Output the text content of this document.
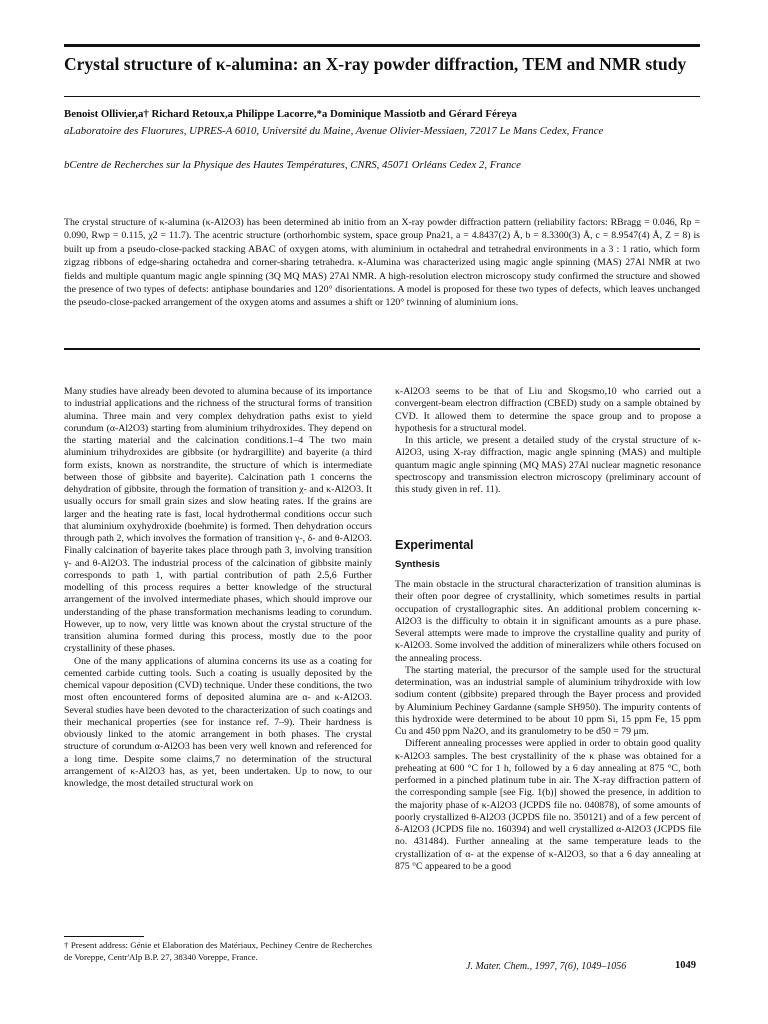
Crystal structure of κ-alumina: an X-ray powder diffraction, TEM and NMR study
Benoist Ollivier,a† Richard Retoux,a Philippe Lacorre,*a Dominique Massiotb and Gérard Féreya
aLaboratoire des Fluorures, UPRES-A 6010, Université du Maine, Avenue Olivier-Messiaen, 72017 Le Mans Cedex, France
bCentre de Recherches sur la Physique des Hautes Températures, CNRS, 45071 Orléans Cedex 2, France
The crystal structure of κ-alumina (κ-Al2O3) has been determined ab initio from an X-ray powder diffraction pattern (reliability factors: RBragg = 0.046, Rp = 0.090, Rwp = 0.115, χ2 = 11.7). The acentric structure (orthorhombic system, space group Pna21, a = 4.8437(2) Å, b = 8.3300(3) Å, c = 8.9547(4) Å, Z = 8) is built up from a pseudo-close-packed stacking ABAC of oxygen atoms, with aluminium in octahedral and tetrahedral environments in a 3 : 1 ratio, which form zigzag ribbons of edge-sharing octahedra and corner-sharing tetrahedra. κ-Alumina was characterized using magic angle spinning (MAS) 27Al NMR at two fields and multiple quantum magic angle spinning (3Q MQ MAS) 27Al NMR. A high-resolution electron microscopy study confirmed the structure and showed the presence of two types of defects: antiphase boundaries and 120° disorientations. A model is proposed for these two types of defects, which leaves unchanged the pseudo-close-packed arrangement of the oxygen atoms and assumes a shift or 120° twinning of aluminium ions.

Many studies have already been devoted to alumina because of its importance to industrial applications and the richness of the structural forms of transition alumina. Three main and very complex dehydration paths exist to yield corundum (α-Al2O3) starting from aluminium trihydroxides. They depend on the starting material and the calcination conditions.1–4 The two main aluminium trihydroxides are gibbsite (or hydrargillite) and bayerite (a third form exists, known as norstrandite, the structure of which is intermediate between those of gibbsite and bayerite). Calcination path 1 concerns the dehydration of gibbsite, through the formation of transition χ- and κ-Al2O3. It usually occurs for small grain sizes and slow heating rates. If the grains are larger and the heating rate is fast, local hydrothermal conditions occur such that aluminium oxyhydroxide (boehmite) is formed. Then dehydration occurs through path 2, which involves the formation of transition γ-, δ- and θ-Al2O3. Finally calcination of bayerite takes place through path 3, involving transition γ- and θ-Al2O3. The industrial process of the calcination of gibbsite mainly corresponds to path 1, with partial contribution of path 2.5,6 Further modelling of this process requires a better knowledge of the structural arrangement of the involved intermediate phases, which should improve our understanding of the phase transformation mechanisms leading to corundum. However, up to now, very little was known about the crystal structure of the transition alumina formed during this process, mostly due to the poor crystallinity of these phases.

One of the many applications of alumina concerns its use as a coating for cemented carbide cutting tools. Such a coating is usually deposited by the chemical vapour deposition (CVD) technique. Under these conditions, the two most often encountered forms of deposited alumina are α- and κ-Al2O3. Several studies have been devoted to the characterization of such coatings and their mechanical properties (see for instance ref. 7–9). Their hardness is obviously linked to the atomic arrangement in both phases. The crystal structure of corundum α-Al2O3 has been very well known and referenced for a long time. Despite some claims,7 no determination of the structural arrangement of κ-Al2O3 has, as yet, been undertaken. Up to now, to our knowledge, the most detailed structural work on

κ-Al2O3 seems to be that of Liu and Skogsmo,10 who carried out a convergent-beam electron diffraction (CBED) study on a sample obtained by CVD. It allowed them to determine the space group and to propose a hypothesis for a structural model.

In this article, we present a detailed study of the crystal structure of κ-Al2O3, using X-ray diffraction, magic angle spinning (MAS) and multiple quantum magic angle spinning (MQ MAS) 27Al nuclear magnetic resonance spectroscopy and transmission electron microscopy (preliminary account of this study given in ref. 11).

Experimental
Synthesis

The main obstacle in the structural characterization of transition aluminas is their often poor degree of crystallinity, which sometimes results in partial occupation of crystallographic sites. An additional problem concerning κ-Al2O3 is the difficulty to obtain it in significant amounts as a pure phase. Several attempts were made to improve the crystalline quality and purity of κ-Al2O3. Some involved the addition of mineralizers while others focused on the annealing process.

The starting material, the precursor of the sample used for the structural determination, was an industrial sample of aluminium trihydroxide with low sodium content (gibbsite) prepared through the Bayer process and provided by Aluminium Pechiney Gardanne (sample SH950). The impurity contents of this hydroxide were determined to be about 10 ppm Si, 15 ppm Fe, 15 ppm Cu and 450 ppm Na2O, and its granulometry to be d50 = 79 μm.

Different annealing processes were applied in order to obtain good quality κ-Al2O3 samples. The best crystallinity of the κ phase was obtained for a preheating at 600 °C for 1 h, followed by a 6 day annealing at 875 °C, both performed in a pinched platinum tube in air. The X-ray diffraction pattern of the corresponding sample [see Fig. 1(b)] showed the presence, in addition to the majority phase of κ-Al2O3 (JCPDS file no. 040878), of some amounts of poorly crystallized θ-Al2O3 (JCPDS file no. 350121) and of a few percent of δ-Al2O3 (JCPDS file no. 160394) and well crystallized α-Al2O3 (JCPDS file no. 431484). Further annealing at the same temperature leads to the crystallization of α- at the expense of κ-Al2O3, so that a 6 day annealing at 875 °C appeared to be a good

† Present address: Génie et Elaboration des Matériaux, Pechiney Centre de Recherches de Voreppe, Centr'Alp B.P. 27, 38340 Voreppe, France.
J. Mater. Chem., 1997, 7(6), 1049–1056	1049
